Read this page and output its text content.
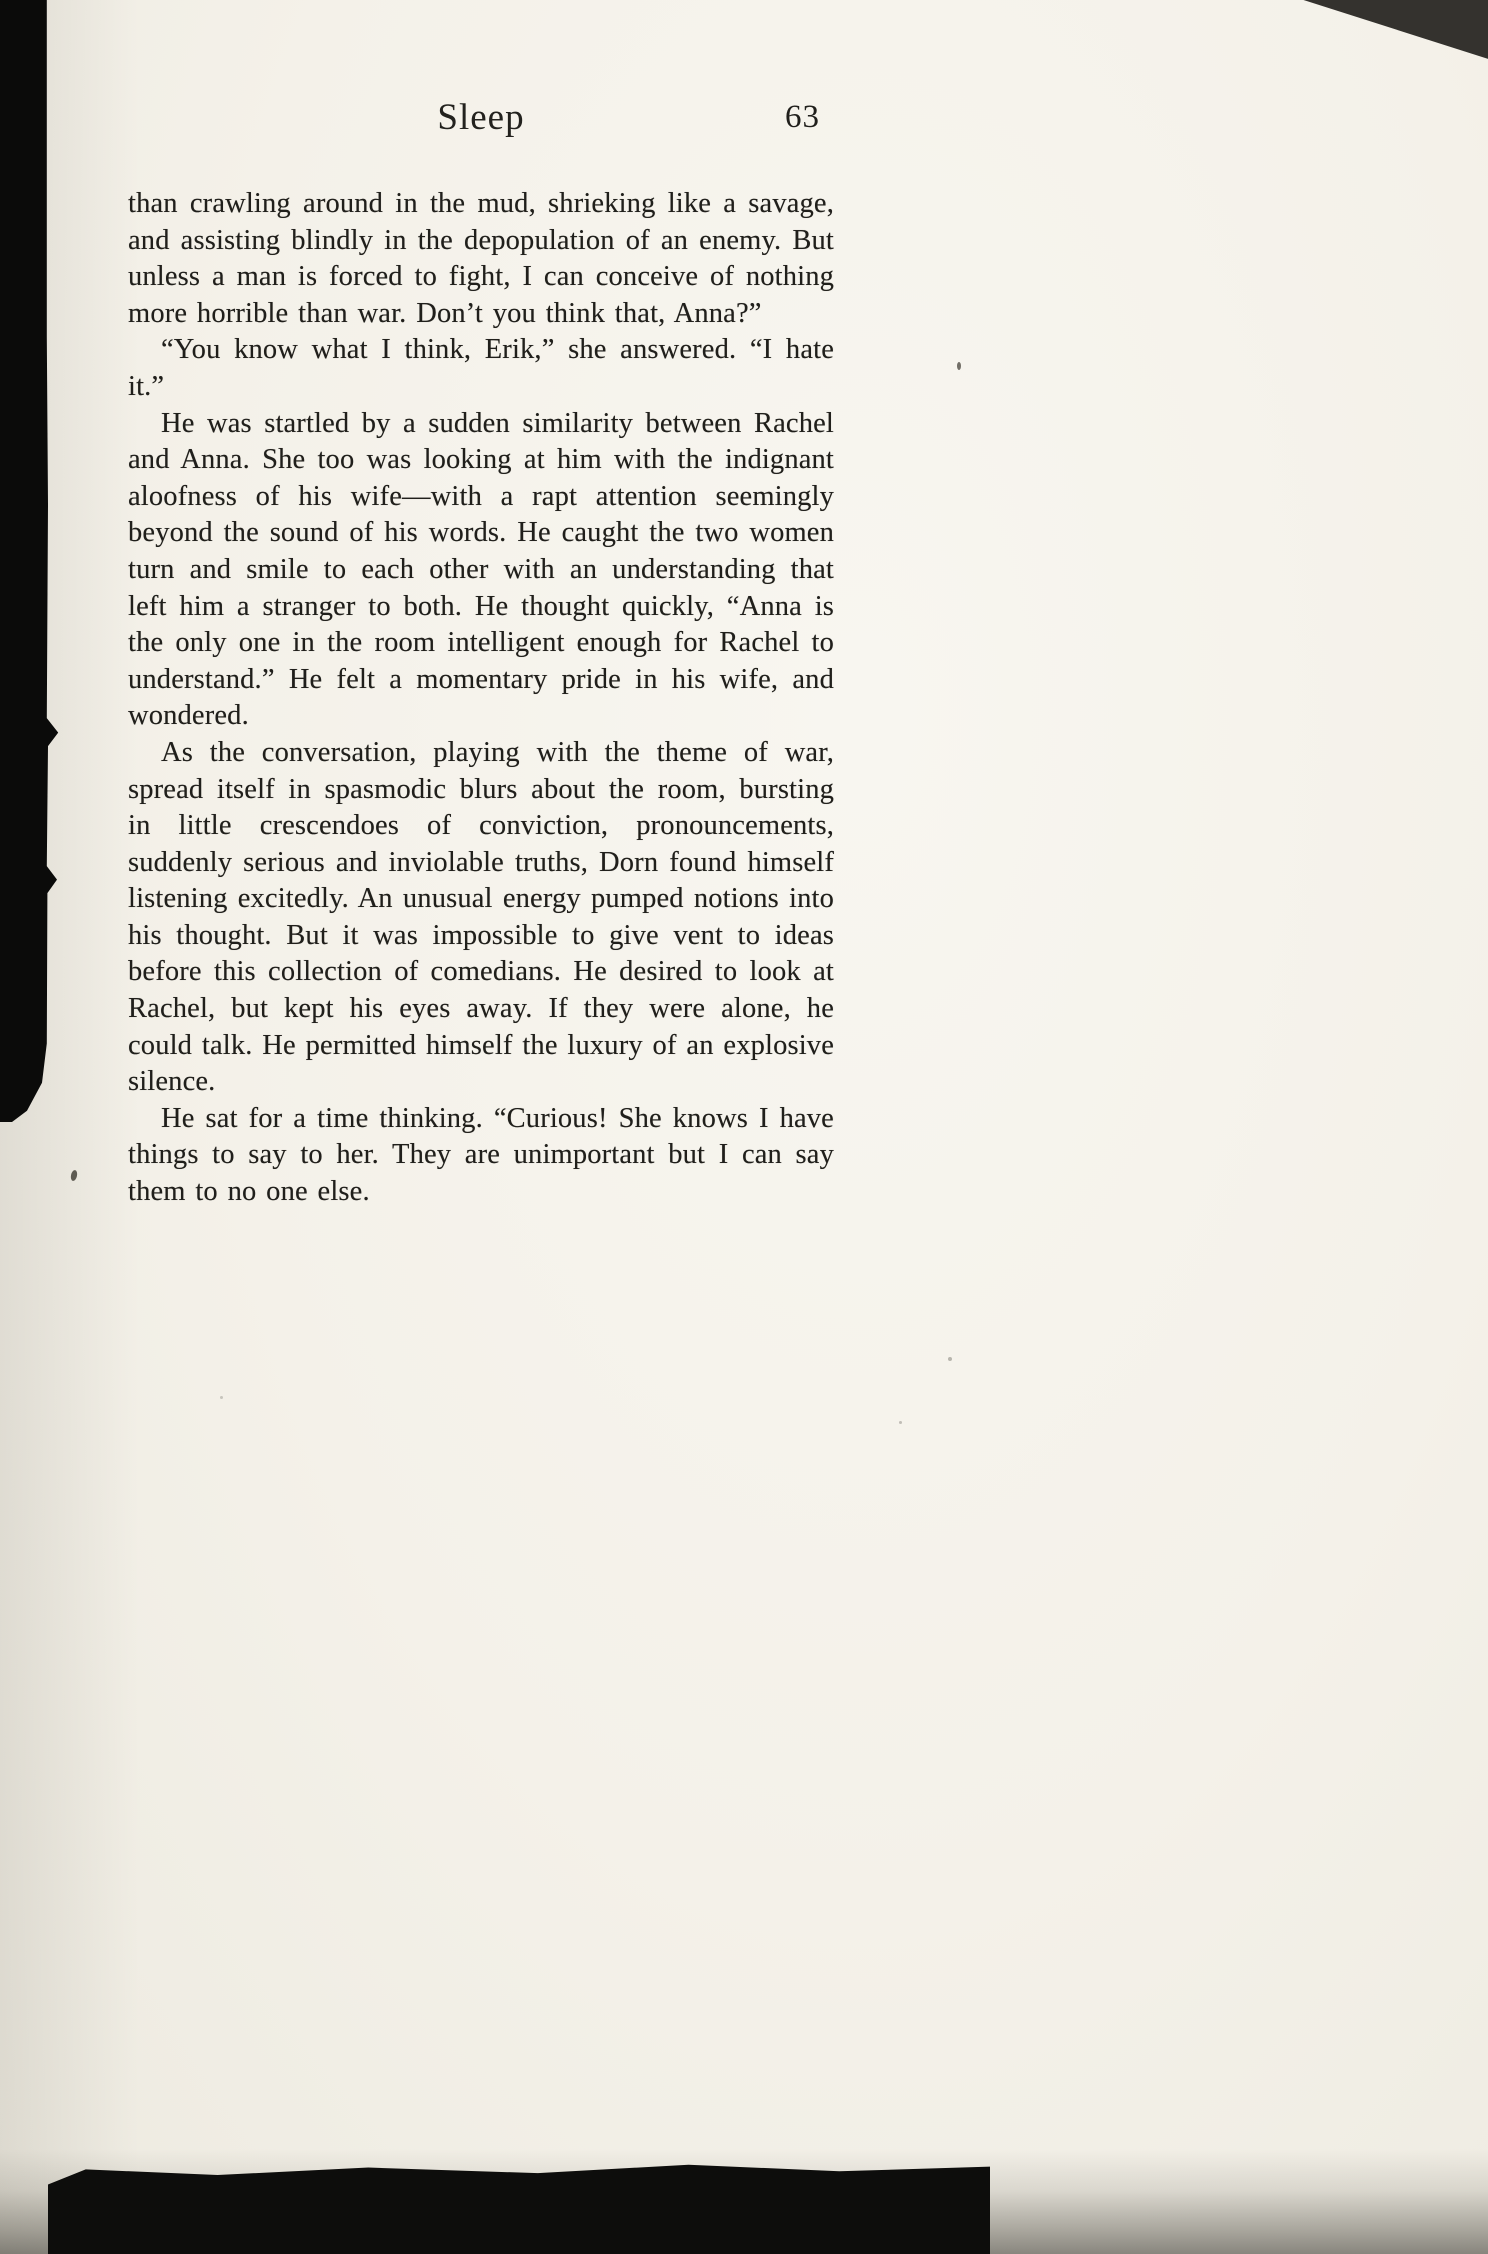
Sleep	63

than crawling around in the mud, shrieking like a savage, and assisting blindly in the depopulation of an enemy. But unless a man is forced to fight, I can conceive of nothing more horrible than war. Don’t you think that, Anna?”

“You know what I think, Erik,” she answered. “I hate it.”

He was startled by a sudden similarity between Rachel and Anna. She too was looking at him with the indignant aloofness of his wife—with a rapt attention seemingly beyond the sound of his words. He caught the two women turn and smile to each other with an understanding that left him a stranger to both. He thought quickly, “Anna is the only one in the room intelligent enough for Rachel to understand.” He felt a momentary pride in his wife, and wondered.

As the conversation, playing with the theme of war, spread itself in spasmodic blurs about the room, bursting in little crescendoes of conviction, pronouncements, suddenly serious and inviolable truths, Dorn found himself listening excitedly. An unusual energy pumped notions into his thought. But it was impossible to give vent to ideas before this collection of comedians. He desired to look at Rachel, but kept his eyes away. If they were alone, he could talk. He permitted himself the luxury of an explosive silence.

He sat for a time thinking. “Curious! She knows I have things to say to her. They are unimportant but I can say them to no one else.
